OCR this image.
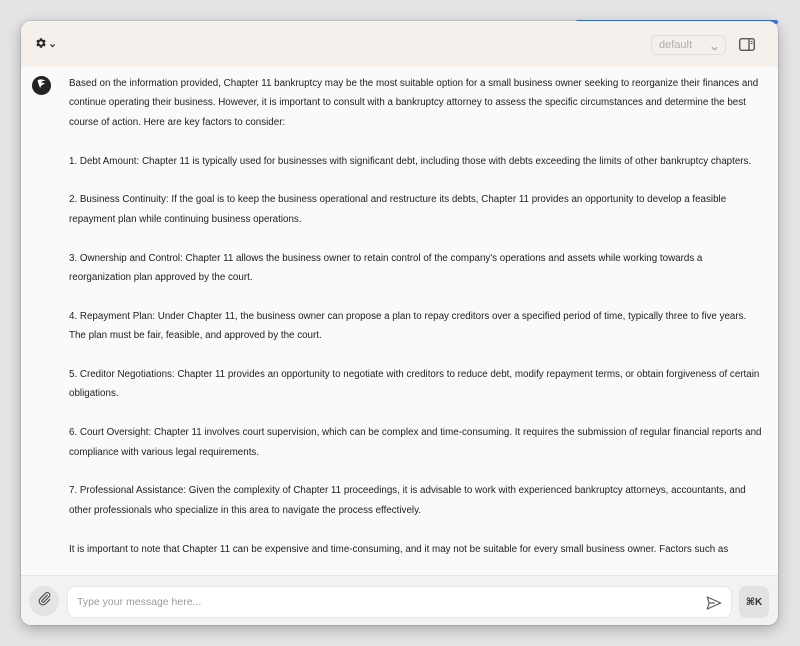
default

Based on the information provided, Chapter 11 bankruptcy may be the most suitable option for a small business owner seeking to reorganize their finances and continue operating their business. However, it is important to consult with a bankruptcy attorney to assess the specific circumstances and determine the best course of action. Here are key factors to consider:

1. Debt Amount: Chapter 11 is typically used for businesses with significant debt, including those with debts exceeding the limits of other bankruptcy chapters.

2. Business Continuity: If the goal is to keep the business operational and restructure its debts, Chapter 11 provides an opportunity to develop a feasible repayment plan while continuing business operations.

3. Ownership and Control: Chapter 11 allows the business owner to retain control of the company's operations and assets while working towards a reorganization plan approved by the court.

4. Repayment Plan: Under Chapter 11, the business owner can propose a plan to repay creditors over a specified period of time, typically three to five years. The plan must be fair, feasible, and approved by the court.

5. Creditor Negotiations: Chapter 11 provides an opportunity to negotiate with creditors to reduce debt, modify repayment terms, or obtain forgiveness of certain obligations.

6. Court Oversight: Chapter 11 involves court supervision, which can be complex and time-consuming. It requires the submission of regular financial reports and compliance with various legal requirements.

7. Professional Assistance: Given the complexity of Chapter 11 proceedings, it is advisable to work with experienced bankruptcy attorneys, accountants, and other professionals who specialize in this area to navigate the process effectively.

It is important to note that Chapter 11 can be expensive and time-consuming, and it may not be suitable for every small business owner. Factors such as

Type your message here...
⌘K
